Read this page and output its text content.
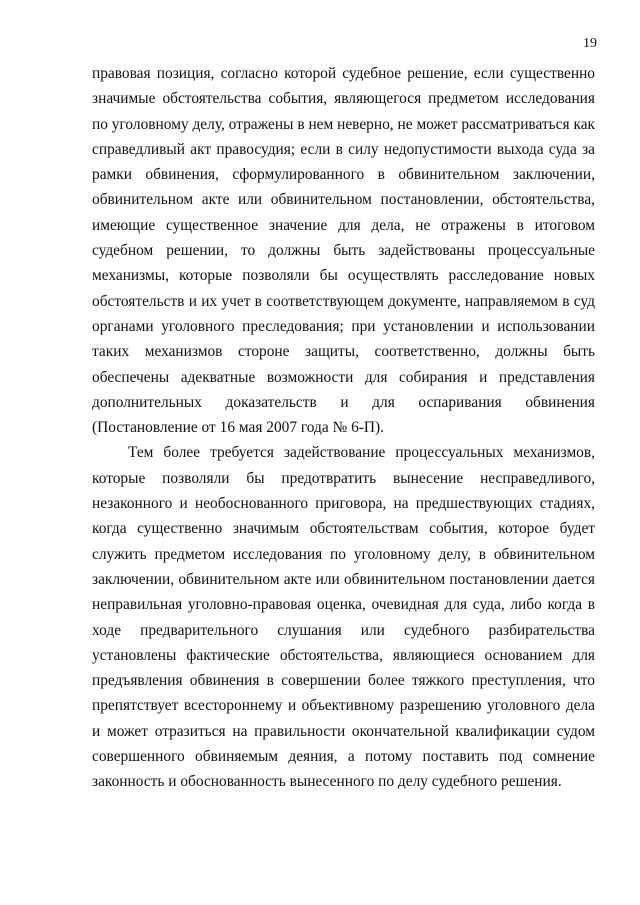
19

правовая позиция, согласно которой судебное решение, если существенно значимые обстоятельства события, являющегося предметом исследования по уголовному делу, отражены в нем неверно, не может рассматриваться как справедливый акт правосудия; если в силу недопустимости выхода суда за рамки обвинения, сформулированного в обвинительном заключении, обвинительном акте или обвинительном постановлении, обстоятельства, имеющие существенное значение для дела, не отражены в итоговом судебном решении, то должны быть задействованы процессуальные механизмы, которые позволяли бы осуществлять расследование новых обстоятельств и их учет в соответствующем документе, направляемом в суд органами уголовного преследования; при установлении и использовании таких механизмов стороне защиты, соответственно, должны быть обеспечены адекватные возможности для собирания и представления дополнительных доказательств и для оспаривания обвинения (Постановление от 16 мая 2007 года № 6-П).

Тем более требуется задействование процессуальных механизмов, которые позволяли бы предотвратить вынесение несправедливого, незаконного и необоснованного приговора, на предшествующих стадиях, когда существенно значимым обстоятельствам события, которое будет служить предметом исследования по уголовному делу, в обвинительном заключении, обвинительном акте или обвинительном постановлении дается неправильная уголовно-правовая оценка, очевидная для суда, либо когда в ходе предварительного слушания или судебного разбирательства установлены фактические обстоятельства, являющиеся основанием для предъявления обвинения в совершении более тяжкого преступления, что препятствует всестороннему и объективному разрешению уголовного дела и может отразиться на правильности окончательной квалификации судом совершенного обвиняемым деяния, а потому поставить под сомнение законность и обоснованность вынесенного по делу судебного решения.
